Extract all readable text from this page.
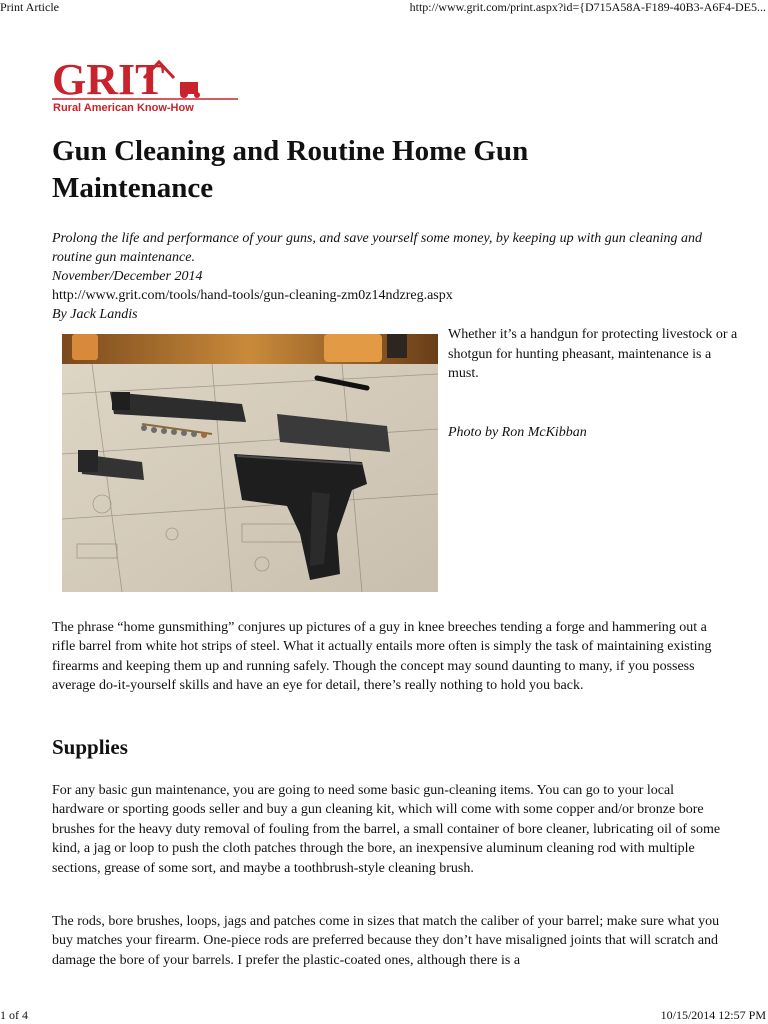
Print Article	http://www.grit.com/print.aspx?id={D715A58A-F189-40B3-A6F4-DE5...
GRIT
Rural American Know-How
Gun Cleaning and Routine Home Gun Maintenance
Prolong the life and performance of your guns, and save yourself some money, by keeping up with gun cleaning and routine gun maintenance.
November/December 2014
http://www.grit.com/tools/hand-tools/gun-cleaning-zm0z14ndzreg.aspx
By Jack Landis
Whether it’s a handgun for protecting livestock or a shotgun for hunting pheasant, maintenance is a must.
Photo by Ron McKibban

The phrase “home gunsmithing” conjures up pictures of a guy in knee breeches tending a forge and hammering out a rifle barrel from white hot strips of steel. What it actually entails more often is simply the task of maintaining existing firearms and keeping them up and running safely. Though the concept may sound daunting to many, if you possess average do-it-yourself skills and have an eye for detail, there’s really nothing to hold you back.

Supplies

For any basic gun maintenance, you are going to need some basic gun-cleaning items. You can go to your local hardware or sporting goods seller and buy a gun cleaning kit, which will come with some copper and/or bronze bore brushes for the heavy duty removal of fouling from the barrel, a small container of bore cleaner, lubricating oil of some kind, a jag or loop to push the cloth patches through the bore, an inexpensive aluminum cleaning rod with multiple sections, grease of some sort, and maybe a toothbrush-style cleaning brush.

The rods, bore brushes, loops, jags and patches come in sizes that match the caliber of your barrel; make sure what you buy matches your firearm. One-piece rods are preferred because they don’t have misaligned joints that will scratch and damage the bore of your barrels. I prefer the plastic-coated ones, although there is a

1 of 4	10/15/2014 12:57 PM
